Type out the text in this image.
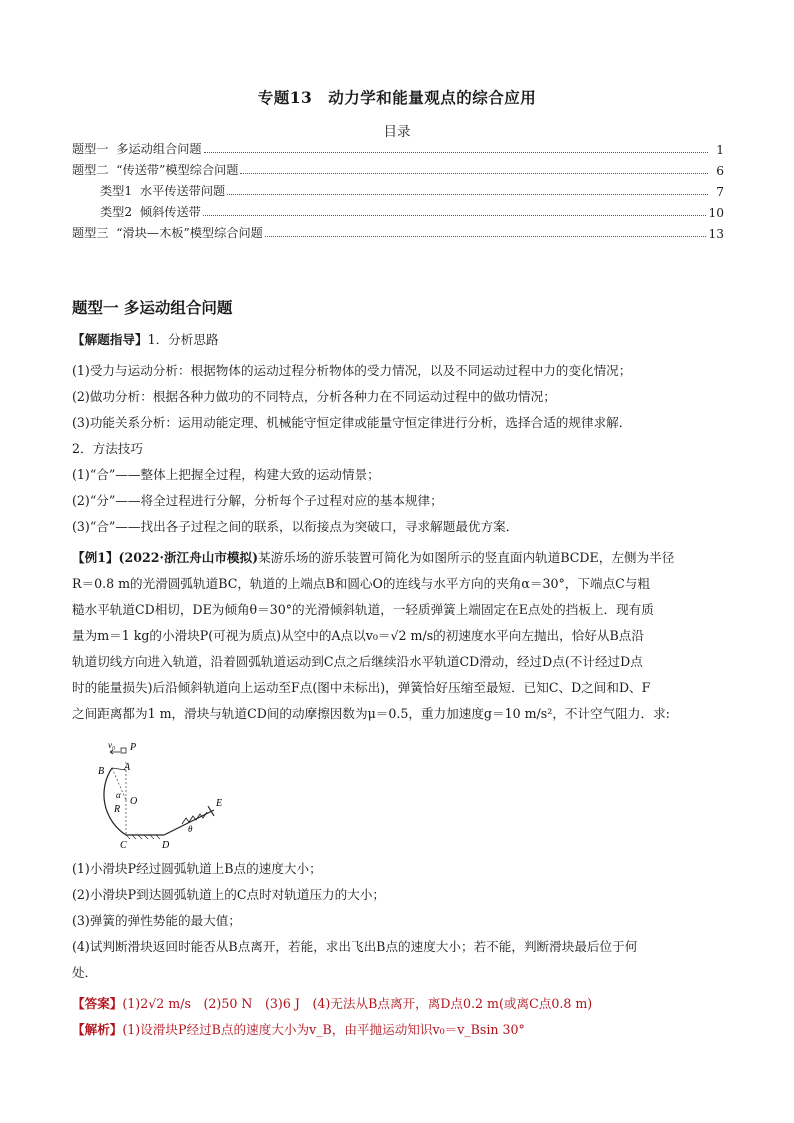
专题13　动力学和能量观点的综合应用
目录
题型一  多运动组合问题	1
题型二  “传送带”模型综合问题	6
类型1  水平传送带问题	7
类型2  倾斜传送带	10
题型三  “滑块—木板”模型综合问题	13
题型一 多运动组合问题
【解题指导】1．分析思路
(1)受力与运动分析：根据物体的运动过程分析物体的受力情况，以及不同运动过程中力的变化情况；
(2)做功分析：根据各种力做功的不同特点，分析各种力在不同运动过程中的做功情况；
(3)功能关系分析：运用动能定理、机械能守恒定律或能量守恒定律进行分析，选择合适的规律求解．
2．方法技巧
(1)“合”——整体上把握全过程，构建大致的运动情景；
(2)“分”——将全过程进行分解，分析每个子过程对应的基本规律；
(3)“合”——找出各子过程之间的联系，以衔接点为突破口，寻求解题最优方案．
【例1】(2022·浙江舟山市模拟)某游乐场的游乐装置可简化为如图所示的竖直面内轨道BCDE，左侧为半径
R＝0.8 m的光滑圆弧轨道BC，轨道的上端点B和圆心O的连线与水平方向的夹角α＝30°，下端点C与粗
糙水平轨道CD相切，DE为倾角θ＝30°的光滑倾斜轨道，一轻质弹簧上端固定在E点处的挡板上．现有质
量为m＝1 kg的小滑块P(可视为质点)从空中的A点以v₀＝√2 m/s的初速度水平向左抛出，恰好从B点沿
轨道切线方向进入轨道，沿着圆弧轨道运动到C点之后继续沿水平轨道CD滑动，经过D点(不计经过D点
时的能量损失)后沿倾斜轨道向上运动至F点(图中未标出)，弹簧恰好压缩至最短．已知C、D之间和D、F
之间距离都为1 m，滑块与轨道CD间的动摩擦因数为μ＝0.5，重力加速度g＝10 m/s²，不计空气阻力．求:
v₀ P
A
B
α
O
R
C	D
E
θ
(1)小滑块P经过圆弧轨道上B点的速度大小；
(2)小滑块P到达圆弧轨道上的C点时对轨道压力的大小；
(3)弹簧的弹性势能的最大值；
(4)试判断滑块返回时能否从B点离开，若能，求出飞出B点的速度大小；若不能，判断滑块最后位于何
处．
【答案】(1)2√2 m/s　(2)50 N　(3)6 J　(4)无法从B点离开，离D点0.2 m(或离C点0.8 m)
【解析】(1)设滑块P经过B点的速度大小为v_B，由平抛运动知识v₀＝v_Bsin 30°
